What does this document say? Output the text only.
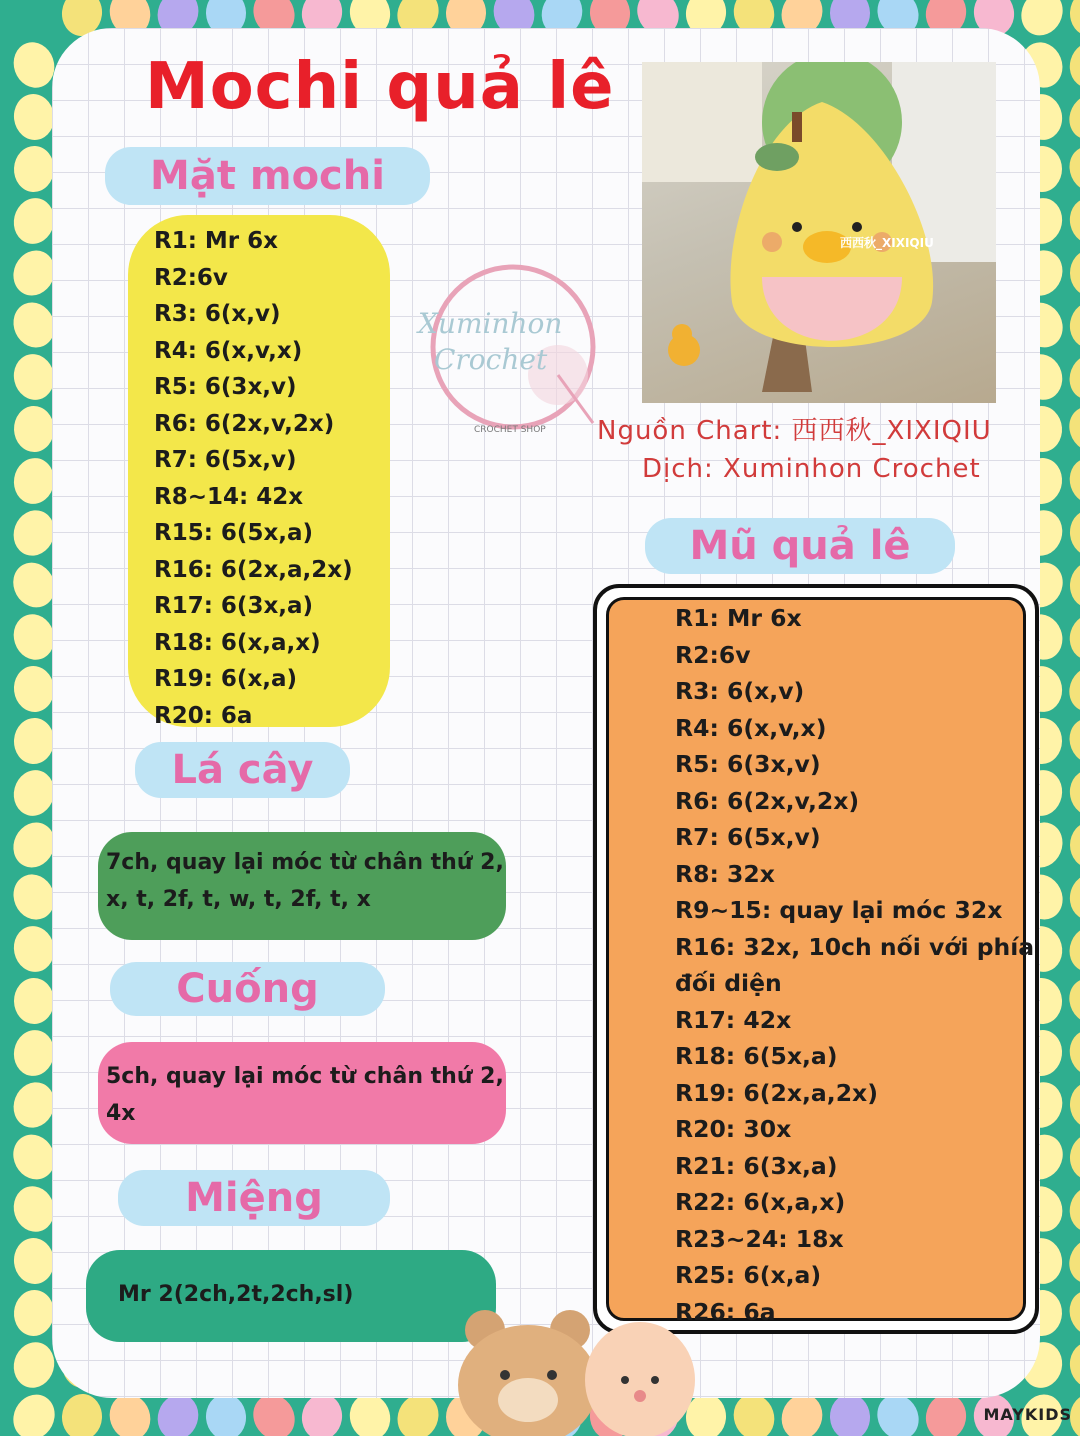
Mochi quả lê
Mặt mochi
R1: Mr 6x
R2:6v
R3: 6(x,v)
R4: 6(x,v,x)
R5: 6(3x,v)
R6: 6(2x,v,2x)
R7: 6(5x,v)
R8~14: 42x
R15: 6(5x,a)
R16: 6(2x,a,2x)
R17: 6(3x,a)
R18: 6(x,a,x)
R19: 6(x,a)
R20: 6a
Lá cây
7ch, quay lại móc từ chân thứ 2,
x, t, 2f, t, w, t, 2f, t, x
Cuống
5ch, quay lại móc từ chân thứ 2,
4x
Miệng
Mr 2(2ch,2t,2ch,sl)
Xuminhon
Crochet
CROCHET SHOP
西西秋_XIXIQIU
Nguồn Chart: 西西秋_XIXIQIU
Dịch: Xuminhon Crochet
Mũ quả lê
R1: Mr 6x
R2:6v
R3: 6(x,v)
R4: 6(x,v,x)
R5: 6(3x,v)
R6: 6(2x,v,2x)
R7: 6(5x,v)
R8: 32x
R9~15: quay lại móc 32x
R16: 32x, 10ch nối với phía
đối diện
R17: 42x
R18: 6(5x,a)
R19: 6(2x,a,2x)
R20: 30x
R21: 6(3x,a)
R22: 6(x,a,x)
R23~24: 18x
R25: 6(x,a)
R26: 6a
MAYKIDS
